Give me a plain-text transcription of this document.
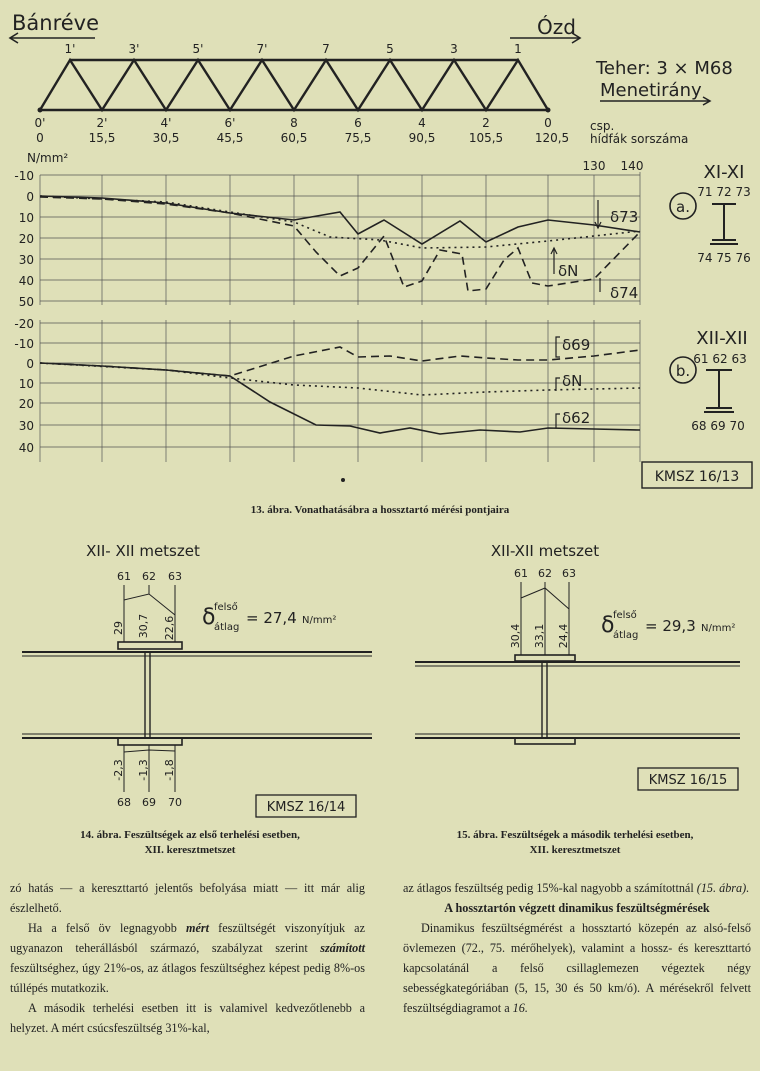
Bánréve	Ózd
1'	3'	5'	7'	7	5	3	1
0'	2'	4'	6'	8	6	4	2	0
0	15,5	30,5	45,5	60,5	75,5	90,5	105,5	120,5
csp.
hídfák sorszáma
Teher: 3 × M68
Menetirány
N/mm²
130 140
-10
0
10
20
30
40
50
δ73
δN
δ74
a.
XI-XI
71 72 73
74 75 76
-20
-10
0
10
20
30
40
δ69
δN
δ62
b.
XII-XII
61 62 63
68 69 70
KMSZ 16/13
13. ábra. Vonathatásábra a hossztartó mérési pontjaira
XII- XII metszet
61 62 63
29 30,7 22,6
-2,3 -1,3 -1,8
68 69 70
δ
felső
átlag
= 27,4 N/mm²
KMSZ 16/14
14. ábra. Feszültségek az első terhelési esetben,
XII. keresztmetszet
XII-XII metszet
61 62 63
30,4 33,1 24,4 δ
felső
átlag
= 29,3 N/mm²
KMSZ 16/15
15. ábra. Feszültségek a második terhelési esetben,
XII. keresztmetszet

zó hatás — a kereszttartó jelentős befolyása miatt — itt már alig észlelhető.

Ha a felső öv legnagyobb mért feszültségét viszonyítjuk az ugyanazon teherállásból származó, szabályzat szerint számított feszültséghez, úgy 21%-os, az átlagos feszültséghez képest pedig 8%-os túllépés mutatkozik.

A második terhelési esetben itt is valamivel kedvezőtlenebb a helyzet. A mért csúcsfeszültség 31%-kal,

az átlagos feszültség pedig 15%-kal nagyobb a számítottnál (15. ábra).

A hossztartón végzett dinamikus feszültségmérések

Dinamikus feszültségmérést a hossztartó közepén az alsó-felső övlemezen (72., 75. mérőhelyek), valamint a hossz- és kereszttartó kapcsolatánál a felső csillaglemezen végeztek négy sebességkategóriában (5, 15, 30 és 50 km/ó). A mérésekről felvett feszültségdiagramot a 16.
